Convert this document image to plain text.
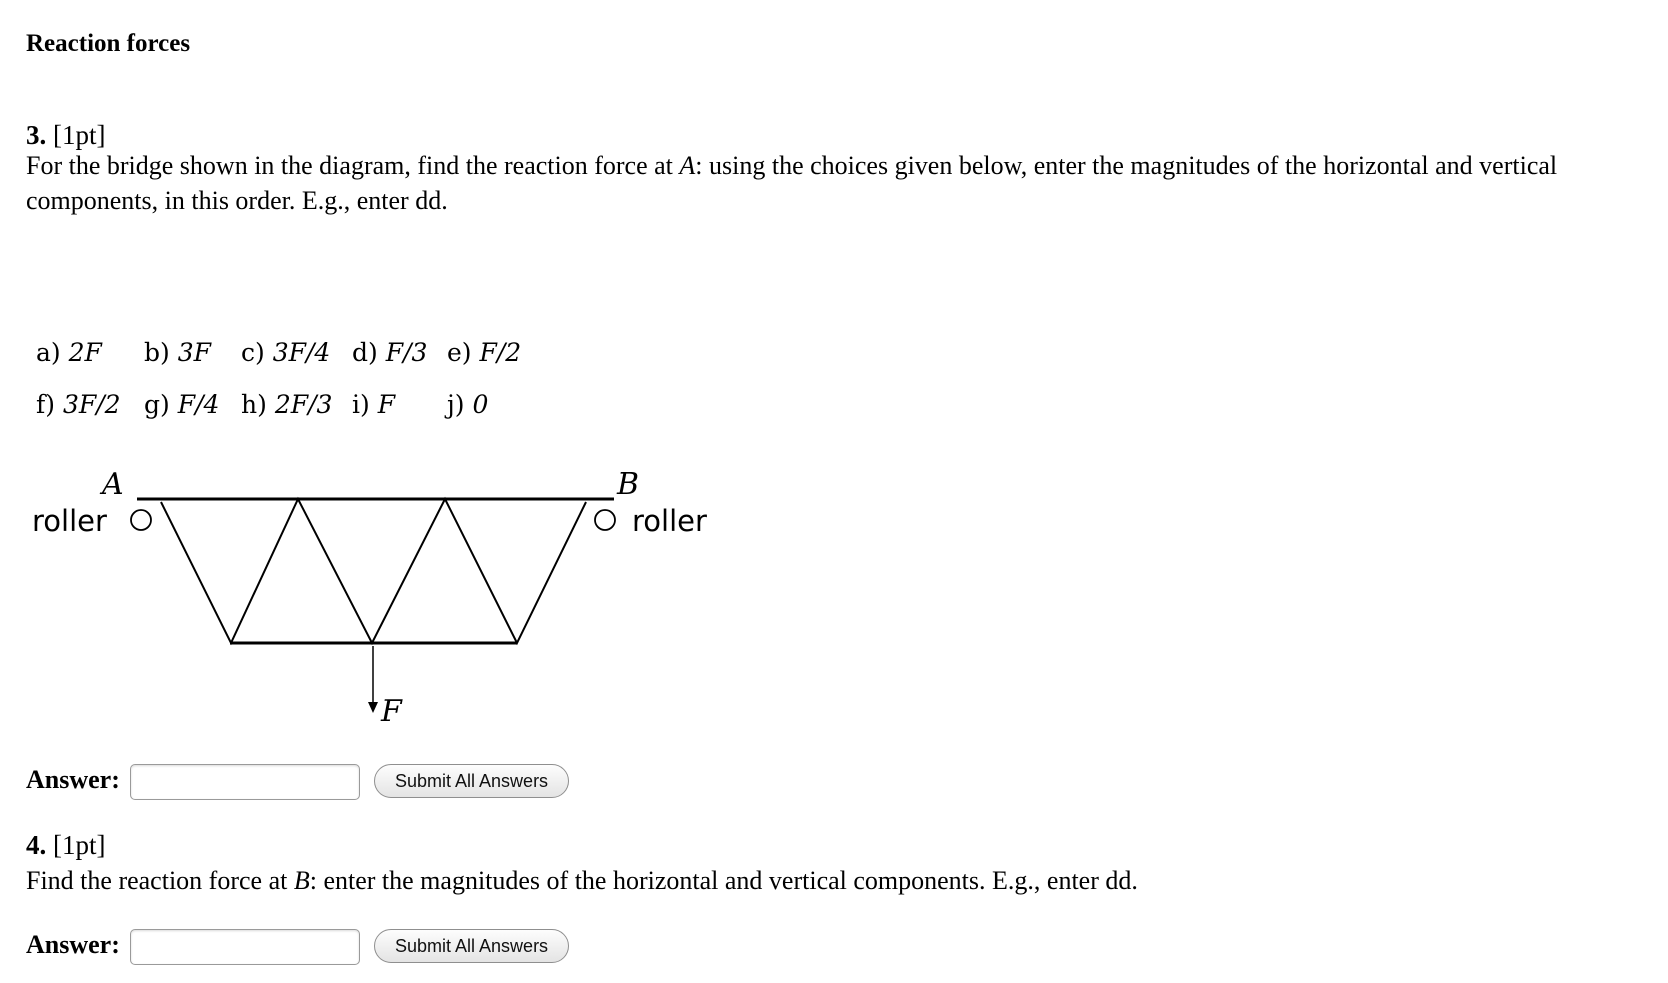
Reaction forces
3. [1pt]
For the bridge shown in the diagram, find the reaction force at A: using the choices given below, enter the magnitudes of the horizontal and vertical
components, in this order. E.g., enter dd.
a) 2F b) 3F c) 3F/4 d) F/3 e) F/2
f) 3F/2 g) F/4 h) 2F/3 i) F j) 0
A	B
roller	roller
F
Answer:	Submit All Answers
4. [1pt]
Find the reaction force at B: enter the magnitudes of the horizontal and vertical components. E.g., enter dd.
Answer:	Submit All Answers
